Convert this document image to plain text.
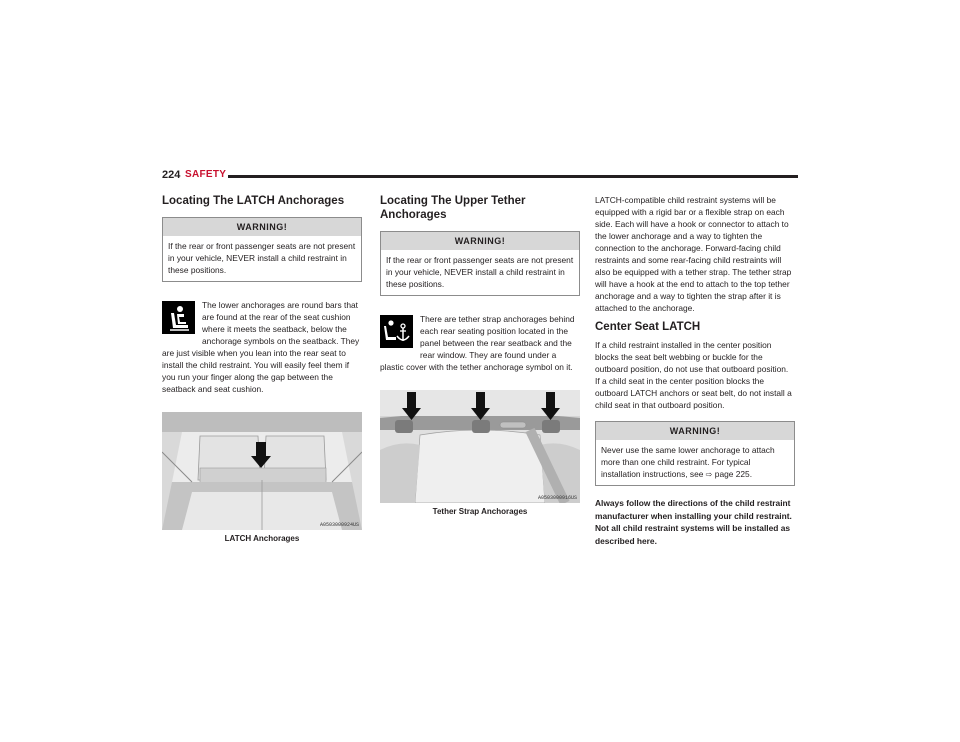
224 SAFETY
Locating The LATCH Anchorages
WARNING!
If the rear or front passenger seats are not present in your vehicle, NEVER install a child restraint in these positions.

The lower anchorages are round bars that are found at the rear of the seat cushion where it meets the seatback, below the anchorage symbols on the seatback. They are just visible when you lean into the rear seat to install the child restraint. You will easily feel them if you run your finger along the gap between the seatback and seat cushion.

A0503000924US
LATCH Anchorages
Locating The Upper Tether Anchorages
WARNING!
If the rear or front passenger seats are not present in your vehicle, NEVER install a child restraint in these positions.

There are tether strap anchorages behind each rear seating position located in the panel between the rear seatback and the rear window. They are found under a plastic cover with the tether anchorage symbol on it.

A0503000916US
Tether Strap Anchorages

LATCH-compatible child restraint systems will be equipped with a rigid bar or a flexible strap on each side. Each will have a hook or connector to attach to the lower anchorage and a way to tighten the connection to the anchorage. Forward-facing child restraints and some rear-facing child restraints will also be equipped with a tether strap. The tether strap will have a hook at the end to attach to the top tether anchorage and a way to tighten the strap after it is attached to the anchorage.

Center Seat LATCH

If a child restraint installed in the center position blocks the seat belt webbing or buckle for the outboard position, do not use that outboard position. If a child seat in the center position blocks the outboard LATCH anchors or seat belt, do not install a child seat in that outboard position.

WARNING!
Never use the same lower anchorage to attach more than one child restraint. For typical installation instructions, see ⇨ page 225.

Always follow the directions of the child restraint manufacturer when installing your child restraint. Not all child restraint systems will be installed as described here.
